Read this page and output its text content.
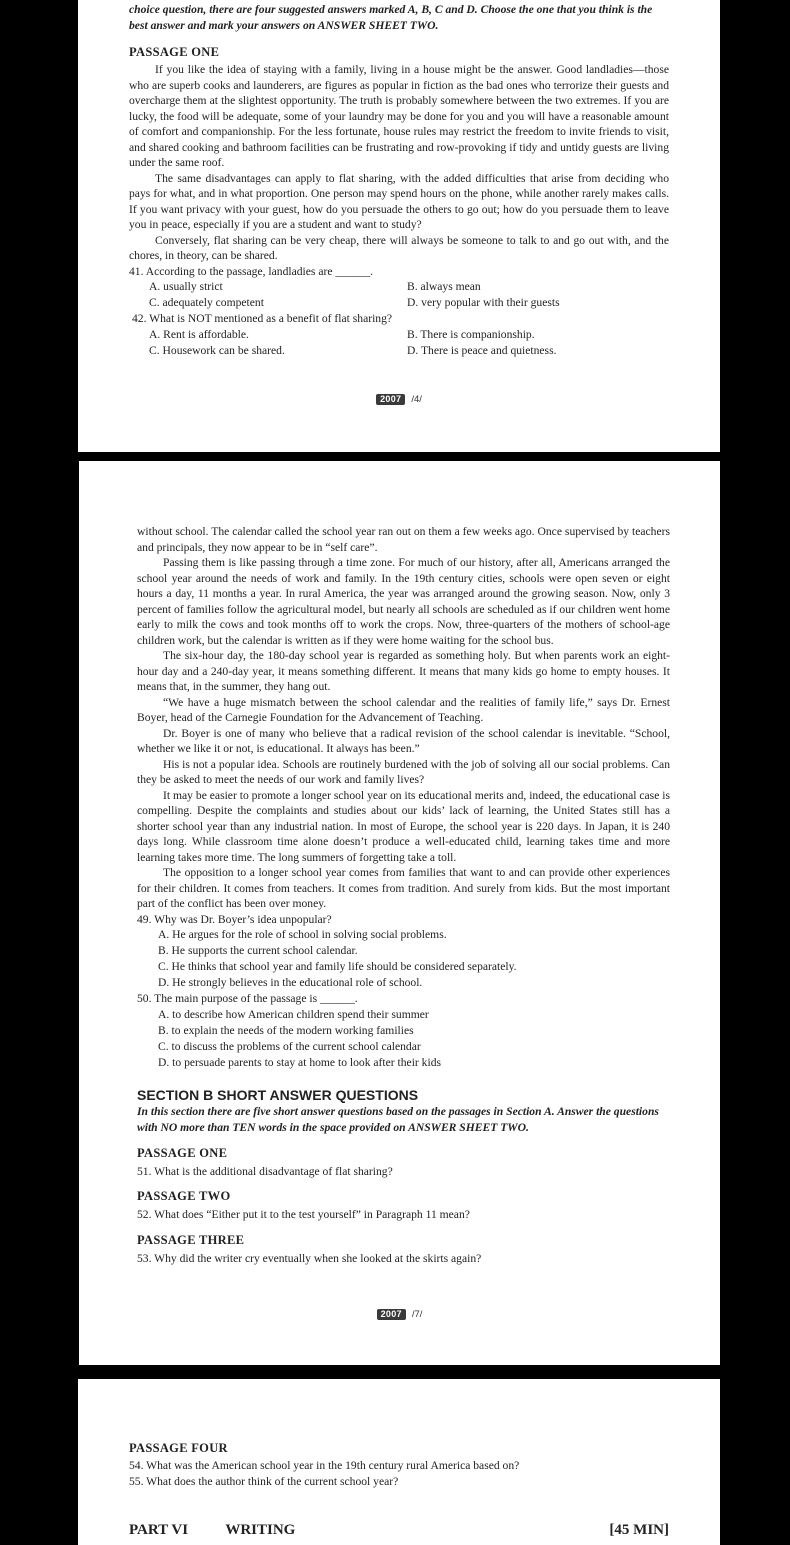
choice question, there are four suggested answers marked A, B, C and D. Choose the one that you think is the best answer and mark your answers on ANSWER SHEET TWO.

PASSAGE ONE

If you like the idea of staying with a family, living in a house might be the answer. Good landladies—those who are superb cooks and launderers, are figures as popular in fiction as the bad ones who terrorize their guests and overcharge them at the slightest opportunity. The truth is probably somewhere between the two extremes. If you are lucky, the food will be adequate, some of your laundry may be done for you and you will have a reasonable amount of comfort and companionship. For the less fortunate, house rules may restrict the freedom to invite friends to visit, and shared cooking and bathroom facilities can be frustrating and row-provoking if tidy and untidy guests are living under the same roof.

The same disadvantages can apply to flat sharing, with the added difficulties that arise from deciding who pays for what, and in what proportion. One person may spend hours on the phone, while another rarely makes calls. If you want privacy with your guest, how do you persuade the others to go out; how do you persuade them to leave you in peace, especially if you are a student and want to study?

Conversely, flat sharing can be very cheap, there will always be someone to talk to and go out with, and the chores, in theory, can be shared.

41. According to the passage, landladies are ______.

A. usually strict	B. always mean
C. adequately competent	D. very popular with their guests

42. What is NOT mentioned as a benefit of flat sharing?

A. Rent is affordable.	B. There is companionship.
C. Housework can be shared.	D. There is peace and quietness.
2007 /4/

without school. The calendar called the school year ran out on them a few weeks ago. Once supervised by teachers and principals, they now appear to be in “self care”.

Passing them is like passing through a time zone. For much of our history, after all, Americans arranged the school year around the needs of work and family. In the 19th century cities, schools were open seven or eight hours a day, 11 months a year. In rural America, the year was arranged around the growing season. Now, only 3 percent of families follow the agricultural model, but nearly all schools are scheduled as if our children went home early to milk the cows and took months off to work the crops. Now, three-quarters of the mothers of school-age children work, but the calendar is written as if they were home waiting for the school bus.

The six-hour day, the 180-day school year is regarded as something holy. But when parents work an eight-hour day and a 240-day year, it means something different. It means that many kids go home to empty houses. It means that, in the summer, they hang out.

“We have a huge mismatch between the school calendar and the realities of family life,” says Dr. Ernest Boyer, head of the Carnegie Foundation for the Advancement of Teaching.

Dr. Boyer is one of many who believe that a radical revision of the school calendar is inevitable. “School, whether we like it or not, is educational. It always has been.”

His is not a popular idea. Schools are routinely burdened with the job of solving all our social problems. Can they be asked to meet the needs of our work and family lives?

It may be easier to promote a longer school year on its educational merits and, indeed, the educational case is compelling. Despite the complaints and studies about our kids’ lack of learning, the United States still has a shorter school year than any industrial nation. In most of Europe, the school year is 220 days. In Japan, it is 240 days long. While classroom time alone doesn’t produce a well-educated child, learning takes time and more learning takes more time. The long summers of forgetting take a toll.

The opposition to a longer school year comes from families that want to and can provide other experiences for their children. It comes from teachers. It comes from tradition. And surely from kids. But the most important part of the conflict has been over money.

49. Why was Dr. Boyer’s idea unpopular?

A. He argues for the role of school in solving social problems.
B. He supports the current school calendar.
C. He thinks that school year and family life should be considered separately.
D. He strongly believes in the educational role of school.

50. The main purpose of the passage is ______.

A. to describe how American children spend their summer
B. to explain the needs of the modern working families
C. to discuss the problems of the current school calendar
D. to persuade parents to stay at home to look after their kids

SECTION B SHORT ANSWER QUESTIONS

In this section there are five short answer questions based on the passages in Section A. Answer the questions with NO more than TEN words in the space provided on ANSWER SHEET TWO.

PASSAGE ONE

51. What is the additional disadvantage of flat sharing?

PASSAGE TWO

52. What does “Either put it to the test yourself” in Paragraph 11 mean?

PASSAGE THREE

53. Why did the writer cry eventually when she looked at the skirts again?

2007 /7/

PASSAGE FOUR

54. What was the American school year in the 19th century rural America based on?

55. What does the author think of the current school year?

PART VI WRITING	[45 MIN]
